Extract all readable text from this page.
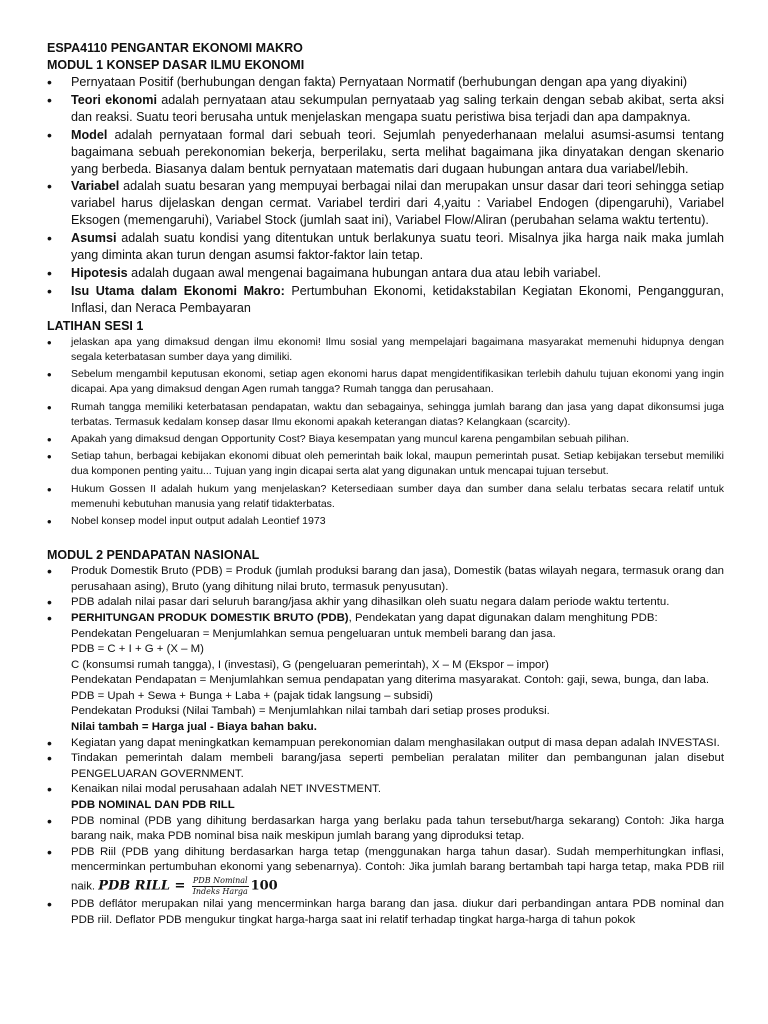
ESPA4110 PENGANTAR EKONOMI MAKRO

MODUL 1 KONSEP DASAR ILMU EKONOMI

• Pernyataan Positif (berhubungan dengan fakta) Pernyataan Normatif (berhubungan dengan apa yang diyakini)
• Teori ekonomi adalah pernyataan atau sekumpulan pernyataab yag saling terkain dengan sebab akibat, serta aksi dan reaksi. Suatu teori berusaha untuk menjelaskan mengapa suatu peristiwa bisa terjadi dan apa dampaknya.
• Model adalah pernyataan formal dari sebuah teori. Sejumlah penyederhanaan melalui asumsi-asumsi tentang bagaimana sebuah perekonomian bekerja, berperilaku, serta melihat bagaimana jika dinyatakan dengan skenario yang berbeda. Biasanya dalam bentuk pernyataan matematis dari dugaan hubungan antara dua variabel/lebih.
• Variabel adalah suatu besaran yang mempuyai berbagai nilai dan merupakan unsur dasar dari teori sehingga setiap variabel harus dijelaskan dengan cermat. Variabel terdiri dari 4,yaitu : Variabel Endogen (dipengaruhi), Variabel Eksogen (memengaruhi), Variabel Stock (jumlah saat ini), Variabel Flow/Aliran (perubahan selama waktu tertentu).
• Asumsi adalah suatu kondisi yang ditentukan untuk berlakunya suatu teori. Misalnya jika harga naik maka jumlah yang diminta akan turun dengan asumsi faktor-faktor lain tetap.
• Hipotesis adalah dugaan awal mengenai bagaimana hubungan antara dua atau lebih variabel.
• Isu Utama dalam Ekonomi Makro: Pertumbuhan Ekonomi, ketidakstabilan Kegiatan Ekonomi, Pengangguran, Inflasi, dan Neraca Pembayaran

LATIHAN SESI 1

• jelaskan apa yang dimaksud dengan ilmu ekonomi! Ilmu sosial yang mempelajari bagaimana masyarakat memenuhi hidupnya dengan segala keterbatasan sumber daya yang dimiliki.
• Sebelum mengambil keputusan ekonomi, setiap agen ekonomi harus dapat mengidentifikasikan terlebih dahulu tujuan ekonomi yang ingin dicapai. Apa yang dimaksud dengan Agen rumah tangga? Rumah tangga dan perusahaan.
• Rumah tangga memiliki keterbatasan pendapatan, waktu dan sebagainya, sehingga jumlah barang dan jasa yang dapat dikonsumsi juga terbatas. Termasuk kedalam konsep dasar Ilmu ekonomi apakah keterangan diatas? Kelangkaan (scarcity).
• Apakah yang dimaksud dengan Opportunity Cost? Biaya kesempatan yang muncul karena pengambilan sebuah pilihan.
• Setiap tahun, berbagai kebijakan ekonomi dibuat oleh pemerintah baik lokal, maupun pemerintah pusat. Setiap kebijakan tersebut memiliki dua komponen penting yaitu... Tujuan yang ingin dicapai serta alat yang digunakan untuk mencapai tujuan tersebut.
• Hukum Gossen II adalah hukum yang menjelaskan? Ketersediaan sumber daya dan sumber dana selalu terbatas secara relatif untuk memenuhi kebutuhan manusia yang relatif tidakterbatas.
• Nobel konsep model input output adalah Leontief 1973

MODUL 2 PENDAPATAN NASIONAL

• Produk Domestik Bruto (PDB) = Produk (jumlah produksi barang dan jasa), Domestik (batas wilayah negara, termasuk orang dan perusahaan asing), Bruto (yang dihitung nilai bruto, termasuk penyusutan).
• PDB adalah nilai pasar dari seluruh barang/jasa akhir yang dihasilkan oleh suatu negara dalam periode waktu tertentu.
• PERHITUNGAN PRODUK DOMESTIK BRUTO (PDB), Pendekatan yang dapat digunakan dalam menghitung PDB:
Pendekatan Pengeluaran = Menjumlahkan semua pengeluaran untuk membeli barang dan jasa.
PDB = C + I + G + (X – M)
C (konsumsi rumah tangga), I (investasi), G (pengeluaran pemerintah), X – M (Ekspor – impor)
Pendekatan Pendapatan = Menjumlahkan semua pendapatan yang diterima masyarakat. Contoh: gaji, sewa, bunga, dan laba.
PDB = Upah + Sewa + Bunga + Laba + (pajak tidak langsung – subsidi)
Pendekatan Produksi (Nilai Tambah) = Menjumlahkan nilai tambah dari setiap proses produksi.
Nilai tambah = Harga jual - Biaya bahan baku.
• Kegiatan yang dapat meningkatkan kemampuan perekonomian dalam menghasilakan output di masa depan adalah INVESTASI.
• Tindakan pemerintah dalam membeli barang/jasa seperti pembelian peralatan militer dan pembangunan jalan disebut PENGELUARAN GOVERNMENT.
• Kenaikan nilai modal perusahaan adalah NET INVESTMENT.
PDB NOMINAL DAN PDB RILL
• PDB nominal (PDB yang dihitung berdasarkan harga yang berlaku pada tahun tersebut/harga sekarang) Contoh: Jika harga barang naik, maka PDB nominal bisa naik meskipun jumlah barang yang diproduksi tetap.
• PDB Riil (PDB yang dihitung berdasarkan harga tetap (menggunakan harga tahun dasar). Sudah memperhitungkan inflasi, mencerminkan pertumbuhan ekonomi yang sebenarnya). Contoh: Jika jumlah barang bertambah tapi harga tetap, maka PDB riil naik. PDB RILL = $\frac{\text{PDB Nominal}}{\text{Indeks Harga}} 100$
• PDB deflátor merupakan nilai yang mencerminkan harga barang dan jasa. diukur dari perbandingan antara PDB nominal dan PDB riil. Deflator PDB mengukur tingkat harga-harga saat ini relatif terhadap tingkat harga-harga di tahun pokok
